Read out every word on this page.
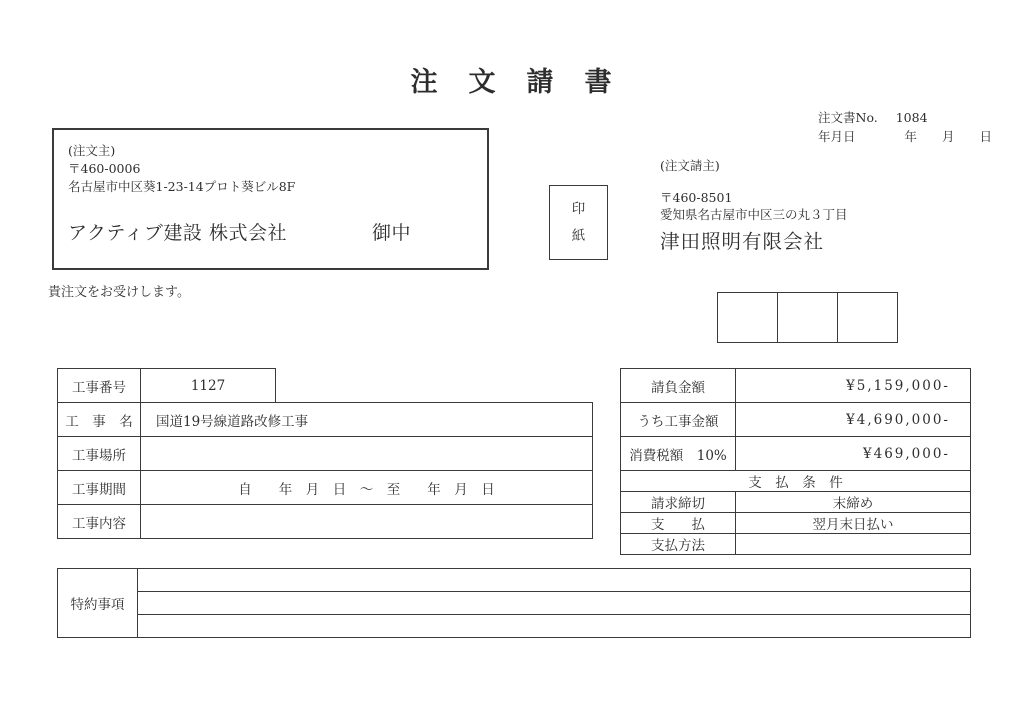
注　文　請　書
注文書No. 1084
年月日	年　　月　　日
(注文主)
〒460-0006
名古屋市中区葵1-23-14プロト葵ビル8F
アクティブ建設 株式会社	御中
印
紙
(注文請主)
〒460-8501
愛知県名古屋市中区三の丸３丁目
津田照明有限会社
貴注文をお受けします。

工事番号	1127	
工　事　名	国道19号線道路改修工事	
工事場所		
工事期間	自　　年　月　日　～　至　　年　月　日	
工事内容		
請負金額	¥5,159,000-
うち工事金額	¥4,690,000-
消費税額　10%	¥469,000-
支　払　条　件	
請求締切	末締め
支　　払	翌月末日払い
支払方法	
特約事項	
